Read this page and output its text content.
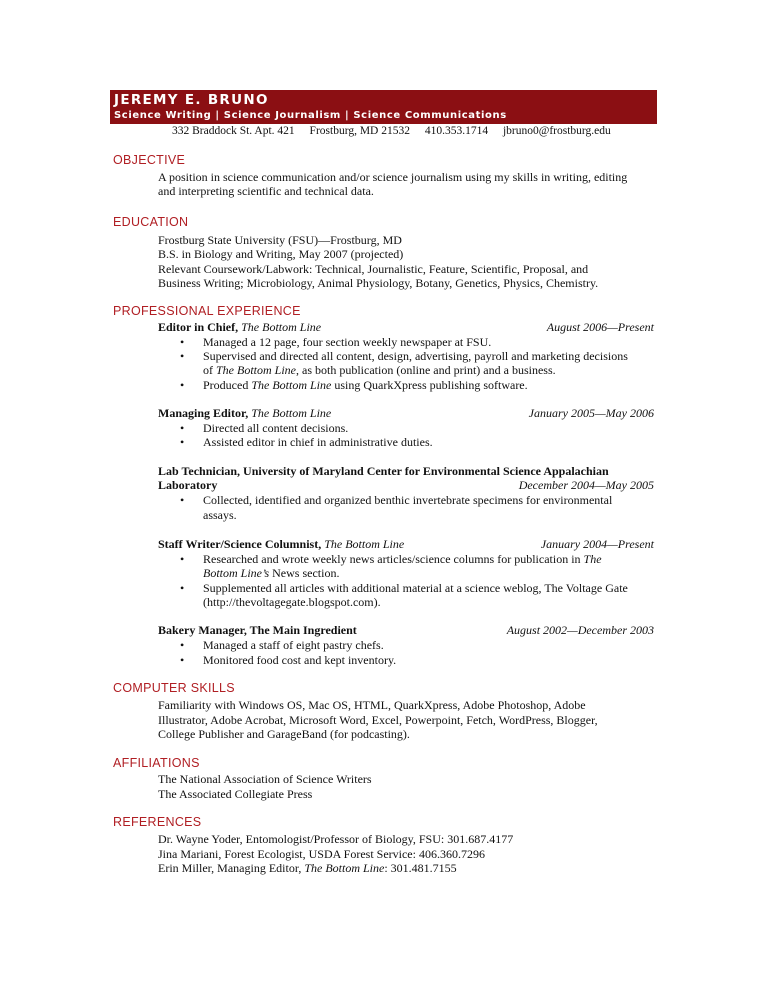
JEREMY E. BRUNO
Science Writing | Science Journalism | Science Communications
332 Braddock St. Apt. 421 Frostburg, MD 21532 410.353.1714 jbruno0@frostburg.edu
OBJECTIVE
A position in science communication and/or science journalism using my skills in writing, editing
and interpreting scientific and technical data.
EDUCATION
Frostburg State University (FSU)—Frostburg, MD
B.S. in Biology and Writing, May 2007 (projected)
Relevant Coursework/Labwork: Technical, Journalistic, Feature, Scientific, Proposal, and
Business Writing; Microbiology, Animal Physiology, Botany, Genetics, Physics, Chemistry.
PROFESSIONAL EXPERIENCE
Editor in Chief, The Bottom Line	August 2006—Present
• Managed a 12 page, four section weekly newspaper at FSU.
• Supervised and directed all content, design, advertising, payroll and marketing decisions
of The Bottom Line, as both publication (online and print) and a business.
• Produced The Bottom Line using QuarkXpress publishing software.
Managing Editor, The Bottom Line	January 2005—May 2006
• Directed all content decisions.
• Assisted editor in chief in administrative duties.
Lab Technician, University of Maryland Center for Environmental Science Appalachian
Laboratory	December 2004—May 2005
• Collected, identified and organized benthic invertebrate specimens for environmental
assays.
Staff Writer/Science Columnist, The Bottom Line	January 2004—Present
• Researched and wrote weekly news articles/science columns for publication in The
Bottom Line’s News section.
• Supplemented all articles with additional material at a science weblog, The Voltage Gate
(http://thevoltagegate.blogspot.com).
Bakery Manager, The Main Ingredient	August 2002—December 2003
• Managed a staff of eight pastry chefs.
• Monitored food cost and kept inventory.
COMPUTER SKILLS
Familiarity with Windows OS, Mac OS, HTML, QuarkXpress, Adobe Photoshop, Adobe
Illustrator, Adobe Acrobat, Microsoft Word, Excel, Powerpoint, Fetch, WordPress, Blogger,
College Publisher and GarageBand (for podcasting).
AFFILIATIONS
The National Association of Science Writers
The Associated Collegiate Press
REFERENCES
Dr. Wayne Yoder, Entomologist/Professor of Biology, FSU: 301.687.4177
Jina Mariani, Forest Ecologist, USDA Forest Service: 406.360.7296
Erin Miller, Managing Editor, The Bottom Line: 301.481.7155
